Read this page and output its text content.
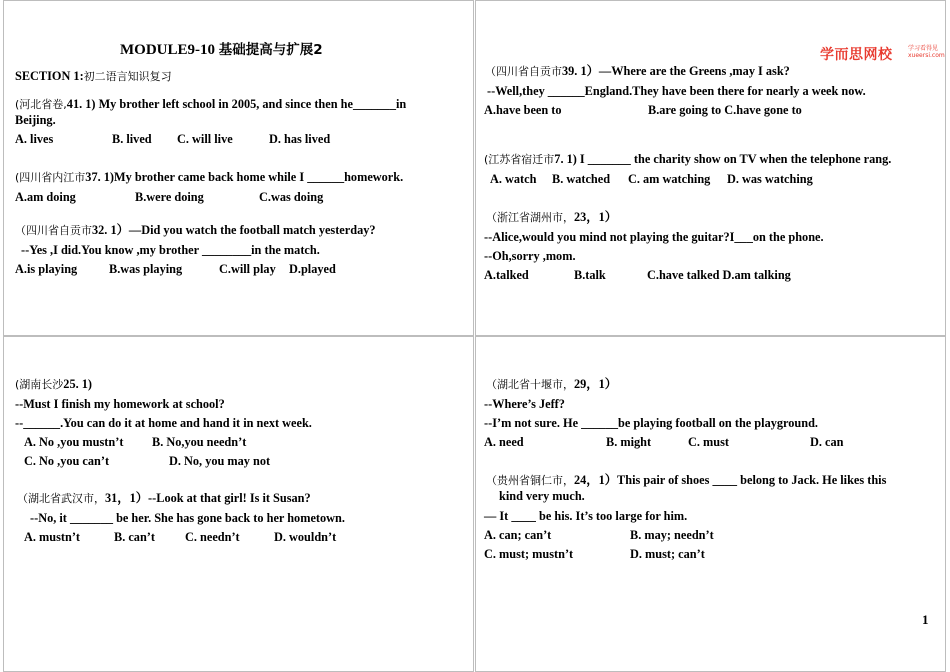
学而思网校	学习看得见
xueersi.com
MODULE9-10 基础提高与扩展2
SECTION 1:初二语言知识复习
(河北省卷,41. 1) My brother left school in 2005, and since then he_______in
Beijing.
A. lives	B. lived C. will live	D. has lived
(四川省内江市37. 1)My brother came back home while I ______homework.
A.am doing	B.were doing	C.was doing
（四川省自贡市32. 1）—Did you watch the football match yesterday?
--Yes ,I did.You know ,my brother ________in the match.
A.is playing	B.was playing	C.will play D.played
（四川省自贡市39. 1）—Where are the Greens ,may I ask?
--Well,they ______England.They have been there for nearly a week now.
A.have been to	B.are going to C.have gone to
(江苏省宿迁市7. 1) I _______ the charity show on TV when the telephone rang.
A. watch B. watched C. am watching D. was watching
（浙江省湖州市，23，1）
--Alice,would you mind not playing the guitar?I___on the phone.
--Oh,sorry ,mom.
A.talked	B.talk	C.have talked D.am talking
(湖南长沙25. 1)
--Must I finish my homework at school?
--______.You can do it at home and hand it in next week.
A. No ,you mustn’t B. No,you needn’t
C. No ,you can’t	D. No, you may not
（湖北省武汉市，31，1）--Look at that girl! Is it Susan?
--No, it _______ be her. She has gone back to her hometown.
A. mustn’t	B. can’t C. needn’t	D. wouldn’t
（湖北省十堰市，29，1）
--Where’s Jeff?
--I’m not sure. He ______be playing football on the playground.
A. need	B. might	C. must	D. can
（贵州省铜仁市，24，1）This pair of shoes ____ belong to Jack. He likes this
kind very much.
— It ____ be his. It’s too large for him.
A. can; can’t	B. may; needn’t
C. must; mustn’t	D. must; can’t
1
